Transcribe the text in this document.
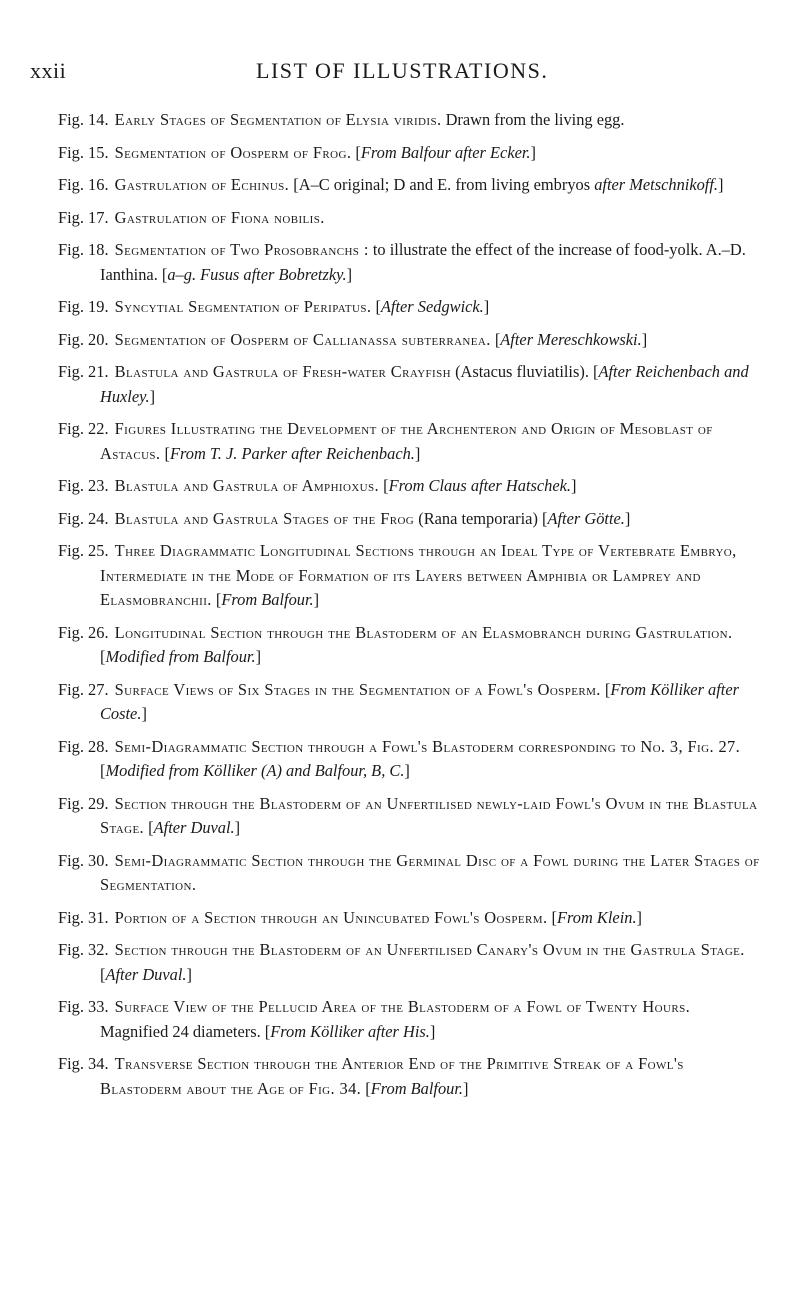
xxii	LIST OF ILLUSTRATIONS.
Fig. 14. Early Stages of Segmentation of Elysia viridis. Drawn from the living egg.
Fig. 15. Segmentation of Oosperm of Frog. [From Balfour after Ecker.]
Fig. 16. Gastrulation of Echinus. [A–C original; D and E. from living embryos after Metschnikoff.]
Fig. 17. Gastrulation of Fiona nobilis.
Fig. 18. Segmentation of Two Prosobranchs : to illustrate the effect of the increase of food-yolk. A.–D. Ianthina. [a–g. Fusus after Bobretzky.]
Fig. 19. Syncytial Segmentation of Peripatus. [After Sedgwick.]
Fig. 20. Segmentation of Oosperm of Callianassa subterranea. [After Mereschkowski.]
Fig. 21. Blastula and Gastrula of Fresh-water Crayfish (Astacus fluviatilis). [After Reichenbach and Huxley.]
Fig. 22. Figures Illustrating the Development of the Archenteron and Origin of Mesoblast of Astacus. [From T. J. Parker after Reichenbach.]
Fig. 23. Blastula and Gastrula of Amphioxus. [From Claus after Hatschek.]
Fig. 24. Blastula and Gastrula Stages of the Frog (Rana temporaria) [After Götte.]
Fig. 25. Three Diagrammatic Longitudinal Sections through an Ideal Type of Vertebrate Embryo, Intermediate in the Mode of Formation of its Layers between Amphibia or Lamprey and Elasmobranchii. [From Balfour.]
Fig. 26. Longitudinal Section through the Blastoderm of an Elasmobranch during Gastrulation. [Modified from Balfour.]
Fig. 27. Surface Views of Six Stages in the Segmentation of a Fowl's Oosperm. [From Kölliker after Coste.]
Fig. 28. Semi-Diagrammatic Section through a Fowl's Blastoderm corresponding to No. 3, Fig. 27. [Modified from Kölliker (A) and Balfour, B, C.]
Fig. 29. Section through the Blastoderm of an Unfertilised newly-laid Fowl's Ovum in the Blastula Stage. [After Duval.]
Fig. 30. Semi-Diagrammatic Section through the Germinal Disc of a Fowl during the Later Stages of Segmentation.
Fig. 31. Portion of a Section through an Unincubated Fowl's Oosperm. [From Klein.]
Fig. 32. Section through the Blastoderm of an Unfertilised Canary's Ovum in the Gastrula Stage. [After Duval.]
Fig. 33. Surface View of the Pellucid Area of the Blastoderm of a Fowl of Twenty Hours. Magnified 24 diameters. [From Kölliker after His.]
Fig. 34. Transverse Section through the Anterior End of the Primitive Streak of a Fowl's Blastoderm about the Age of Fig. 34. [From Balfour.]
